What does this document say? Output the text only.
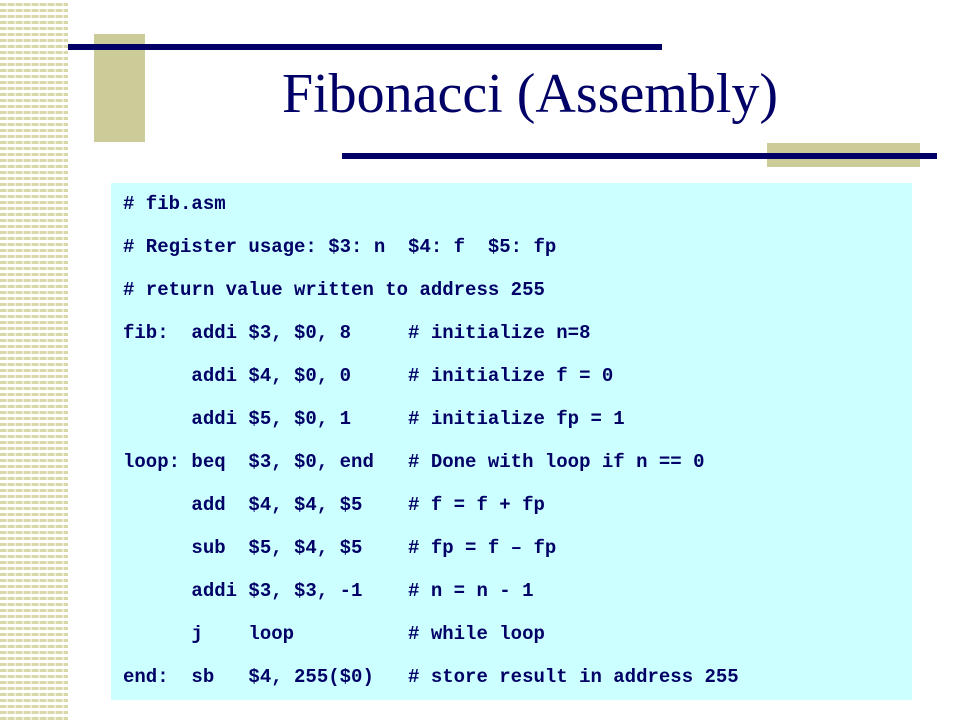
Fibonacci (Assembly)
# fib.asm
# Register usage: $3: n  $4: f  $5: fp
# return value written to address 255
fib:  addi $3, $0, 8     # initialize n=8
addi $4, $0, 0     # initialize f = 0
addi $5, $0, 1     # initialize fp = 1
loop: beq  $3, $0, end   # Done with loop if n == 0
add  $4, $4, $5    # f = f + fp
sub  $5, $4, $5    # fp = f – fp
addi $3, $3, -1    # n = n - 1
j    loop          # while loop
end:  sb   $4, 255($0)   # store result in address 255
